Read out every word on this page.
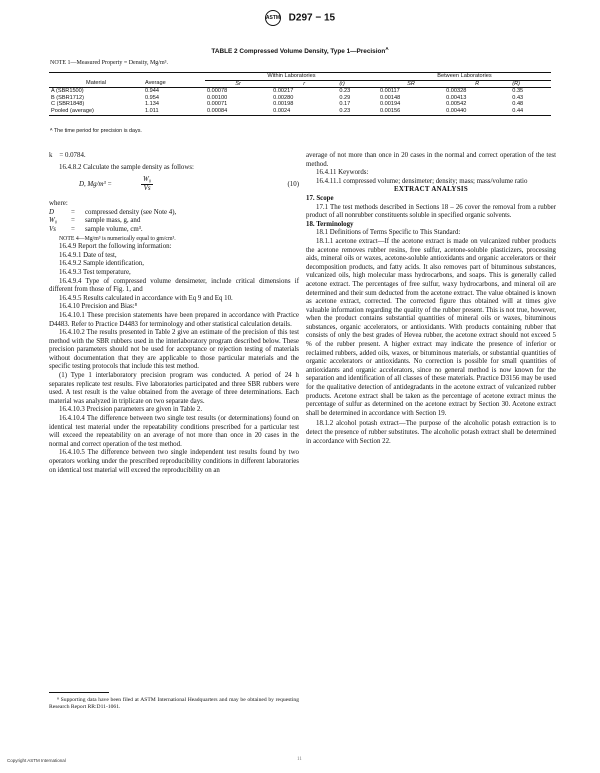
ASTM D297 − 15
TABLE 2 Compressed Volume Density, Type 1—Precision$^A$
NOTE 1—Measured Property = Density, Mg/m³.
		Within Laboratories			Between Laboratories		
Material	Average	Sr	r	(r)	SR	R	(R)
A (SBR1500)	0.944	0.00078	0.00217	0.23	0.00117	0.00328	0.35
B (SBR1712)	0.954	0.00100	0.00280	0.29	0.00148	0.00413	0.43
C (SBR1848)	1.134	0.00071	0.00198	0.17	0.00194	0.00542	0.48
Pooled (average)	1.011	0.00084	0.0024	0.23	0.00156	0.00440	0.44
ᴬ The time period for precision is days.

k    = 0.0784.

16.4.8.2 Calculate the sample density as follows:

D, Mg/m³ =	$\frac{\text{W₀}}{Vs}$	(10)

where:

D	=	compressed density (see Note 4),
W₀	=	sample mass, g, and
Vs	=	sample volume, cm³.

NOTE 4—Mg/m³ is numerically equal to gm/cm³.

16.4.9 Report the following information:

16.4.9.1 Date of test,

16.4.9.2 Sample identification,

16.4.9.3 Test temperature,

16.4.9.4 Type of compressed volume densimeter, include critical dimensions if different from those of Fig. 1, and

16.4.9.5 Results calculated in accordance with Eq 9 and Eq 10.

16.4.10 Precision and Bias:⁸

16.4.10.1 These precision statements have been prepared in accordance with Practice D4483. Refer to Practice D4483 for terminology and other statistical calculation details.

16.4.10.2 The results presented in Table 2 give an estimate of the precision of this test method with the SBR rubbers used in the interlaboratory program described below. These precision parameters should not be used for acceptance or rejection testing of materials without documentation that they are applicable to those particular materials and the specific testing protocols that include this test method.

(1) Type 1 interlaboratory precision program was conducted. A period of 24 h separates replicate test results. Five laboratories participated and three SBR rubbers were used. A test result is the value obtained from the average of three determinations. Each material was analyzed in triplicate on two separate days.

16.4.10.3 Precision parameters are given in Table 2.

16.4.10.4 The difference between two single test results (or determinations) found on identical test material under the repeatability conditions prescribed for a particular test will exceed the repeatability on an average of not more than once in 20 cases in the normal and correct operation of the test method.

16.4.10.5 The difference between two single independent test results found by two operators working under the prescribed reproducibility conditions in different laboratories on identical test material will exceed the reproducibility on an

⁸ Supporting data have been filed at ASTM International Headquarters and may be obtained by requesting Research Report RR:D11-1061.

average of not more than once in 20 cases in the normal and correct operation of the test method.

16.4.11 Keywords:

16.4.11.1 compressed volume; densimeter; density; mass; mass/volume ratio

EXTRACT ANALYSIS

17. Scope

17.1 The test methods described in Sections 18 – 26 cover the removal from a rubber product of all nonrubber constituents soluble in specified organic solvents.

18. Terminology

18.1 Definitions of Terms Specific to This Standard:

18.1.1 acetone extract—If the acetone extract is made on vulcanized rubber products the acetone removes rubber resins, free sulfur, acetone-soluble plasticizers, processing aids, mineral oils or waxes, acetone-soluble antioxidants and organic accelerators or their decomposition products, and fatty acids. It also removes part of bituminous substances, vulcanized oils, high molecular mass hydrocarbons, and soaps. This is generally called acetone extract. The percentages of free sulfur, waxy hydrocarbons, and mineral oil are determined and their sum deducted from the acetone extract. The value obtained is known as acetone extract, corrected. The corrected figure thus obtained will at times give valuable information regarding the quality of the rubber present. This is not true, however, when the product contains substantial quantities of mineral oils or waxes, bituminous substances, organic accelerators, or antioxidants. With products containing rubber that consists of only the best grades of Hevea rubber, the acetone extract should not exceed 5 % of the rubber present. A higher extract may indicate the presence of inferior or reclaimed rubbers, added oils, waxes, or bituminous materials, or substantial quantities of organic accelerators or antioxidants. No correction is possible for small quantities of antioxidants and organic accelerators, since no general method is now known for the separation and identification of all classes of these materials. Practice D3156 may be used for the qualitative detection of antidegradants in the acetone extract of vulcanized rubber products. Acetone extract shall be taken as the percentage of acetone extract minus the percentage of sulfur as determined on the acetone extract by Section 30. Acetone extract shall be determined in accordance with Section 19.

18.1.2 alcohol potash extract—The purpose of the alcoholic potash extraction is to detect the presence of rubber substitutes. The alcoholic potash extract shall be determined in accordance with Section 22.

Copyright ASTM International	11
